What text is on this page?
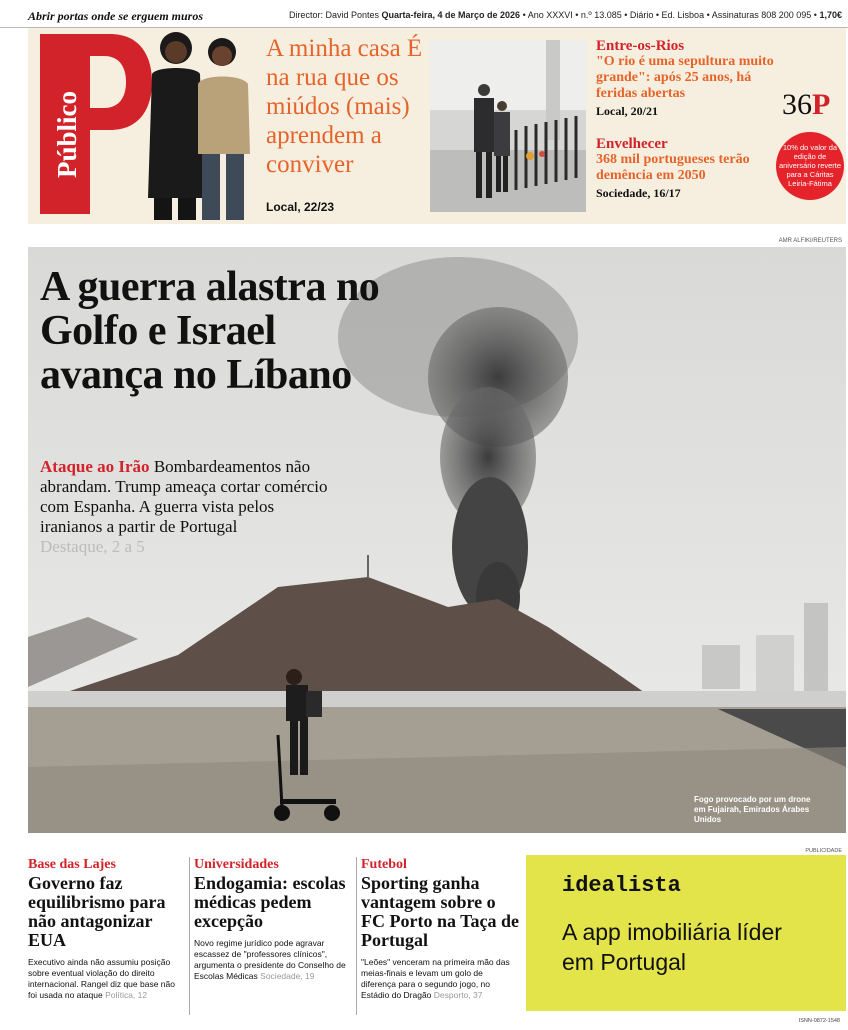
Abrir portas onde se erguem muros	Director: David Pontes Quarta-feira, 4 de Março de 2026 • Ano XXXVI • n.º 13.085 • Diário • Ed. Lisboa • Assinaturas 808 200 095 • 1,70€
Público
A minha casa É na rua que os miúdos (mais) aprendem a conviver
Local, 22/23
Entre-os-Rios
"O rio é uma sepultura muito grande": após 25 anos, há feridas abertas
Local, 20/21
Envelhecer
368 mil portugueses terão demência em 2050
Sociedade, 16/17
36P
10% do valor da edição de aniversário reverte para a Cáritas Leiria-Fátima
AMR ALFIKI/REUTERS
A guerra alastra no Golfo e Israel avança no Líbano
Ataque ao Irão Bombardeamentos não abrandam. Trump ameaça cortar comércio com Espanha. A guerra vista pelos iranianos a partir de Portugal
Destaque, 2 a 5
Fogo provocado por um drone em Fujairah, Emirados Árabes Unidos
Base das Lajes
Governo faz equilibrismo para não antagonizar EUA

Executivo ainda não assumiu posição sobre eventual violação do direito internacional. Rangel diz que base não foi usada no ataque Política, 12

Universidades
Endogamia: escolas médicas pedem excepção

Novo regime jurídico pode agravar escassez de "professores clínicos", argumenta o presidente do Conselho de Escolas Médicas Sociedade, 19

Futebol
Sporting ganha vantagem sobre o FC Porto na Taça de Portugal

"Leões" venceram na primeira mão das meias-finais e levam um golo de diferença para o segundo jogo, no Estádio do Dragão Desporto, 37

PUBLICIDADE
idealista
A app imobiliária líder em Portugal
ISNN-0872-1548
